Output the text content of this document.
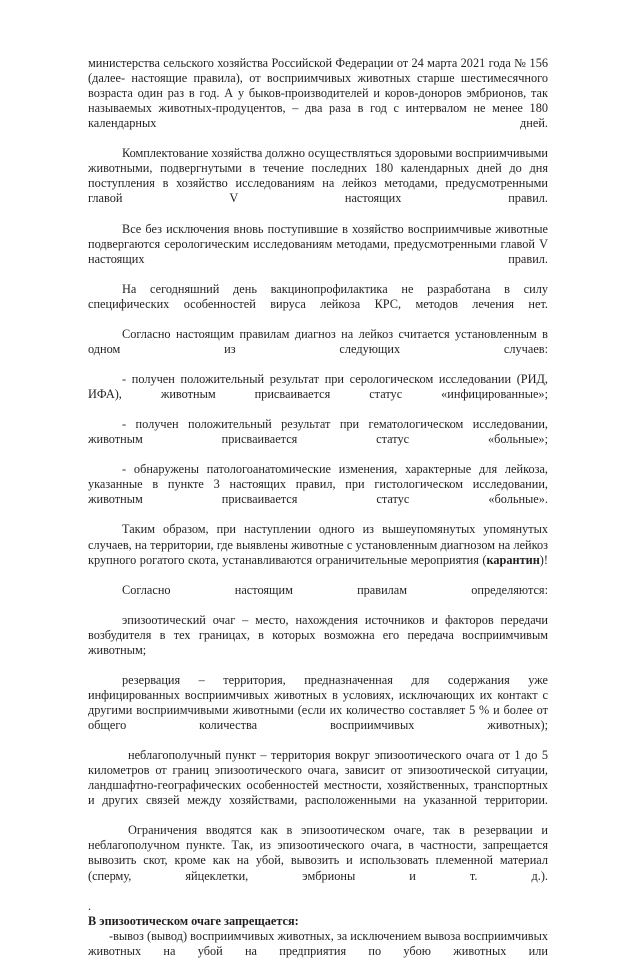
министерства сельского хозяйства Российской Федерации от 24 марта 2021 года № 156 (далее- настоящие правила), от восприимчивых животных старше шестимесячного возраста один раз в год. А у быков-производителей и коров-доноров эмбрионов, так называемых животных-продуцентов, – два раза в год с интервалом не менее 180 календарных дней.

Комплектование хозяйства должно осуществляться здоровыми восприимчивыми животными, подвергнутыми в течение последних 180 календарных дней до дня поступления в хозяйство исследованиям на лейкоз методами, предусмотренными главой V настоящих правил.

Все без исключения вновь поступившие в хозяйство восприимчивые животные подвергаются серологическим исследованиям методами, предусмотренными главой V настоящих правил.

На сегодняшний день вакцинопрофилактика не разработана в силу специфических особенностей вируса лейкоза КРС, методов лечения нет.

Согласно настоящим правилам диагноз на лейкоз считается установленным в одном из следующих случаев:

- получен положительный результат при серологическом исследовании (РИД, ИФА), животным присваивается статус «инфицированные»;

- получен положительный результат при гематологическом исследовании, животным присваивается статус «больные»;

- обнаружены патологоанатомические изменения, характерные для лейкоза, указанные в пункте 3 настоящих правил, при гистологическом исследовании, животным присваивается статус «больные».

Таким образом, при наступлении одного из вышеупомянутых упомянутых случаев, на территории, где выявлены животные с установленным диагнозом на лейкоз крупного рогатого скота, устанавливаются ограничительные мероприятия (карантин)!

Согласно настоящим правилам определяются:

эпизоотический очаг – место, нахождения источников и факторов передачи возбудителя в тех границах, в которых возможна его передача восприимчивым животным;

резервация – территория, предназначенная для содержания уже инфицированных восприимчивых животных в условиях, исключающих их контакт с другими восприимчивыми животными (если их количество составляет 5 % и более от общего количества восприимчивых животных);

неблагополучный пункт – территория вокруг эпизоотического очага от 1 до 5 километров от границ эпизоотического очага, зависит от эпизоотической ситуации, ландшафтно-географических особенностей местности, хозяйственных, транспортных и других связей между хозяйствами, расположенными на указанной территории.

Ограничения вводятся как в эпизоотическом очаге, так в резервации и неблагополучном пункте. Так, из эпизоотического очага, в частности, запрещается вывозить скот, кроме как на убой, вывозить и использовать племенной материал (сперму, яйцеклетки, эмбрионы и т. д.).

.

В эпизоотическом очаге запрещается:

-вывоз (вывод) восприимчивых животных, за исключением вывоза восприимчивых животных на убой на предприятия по убою животных или
